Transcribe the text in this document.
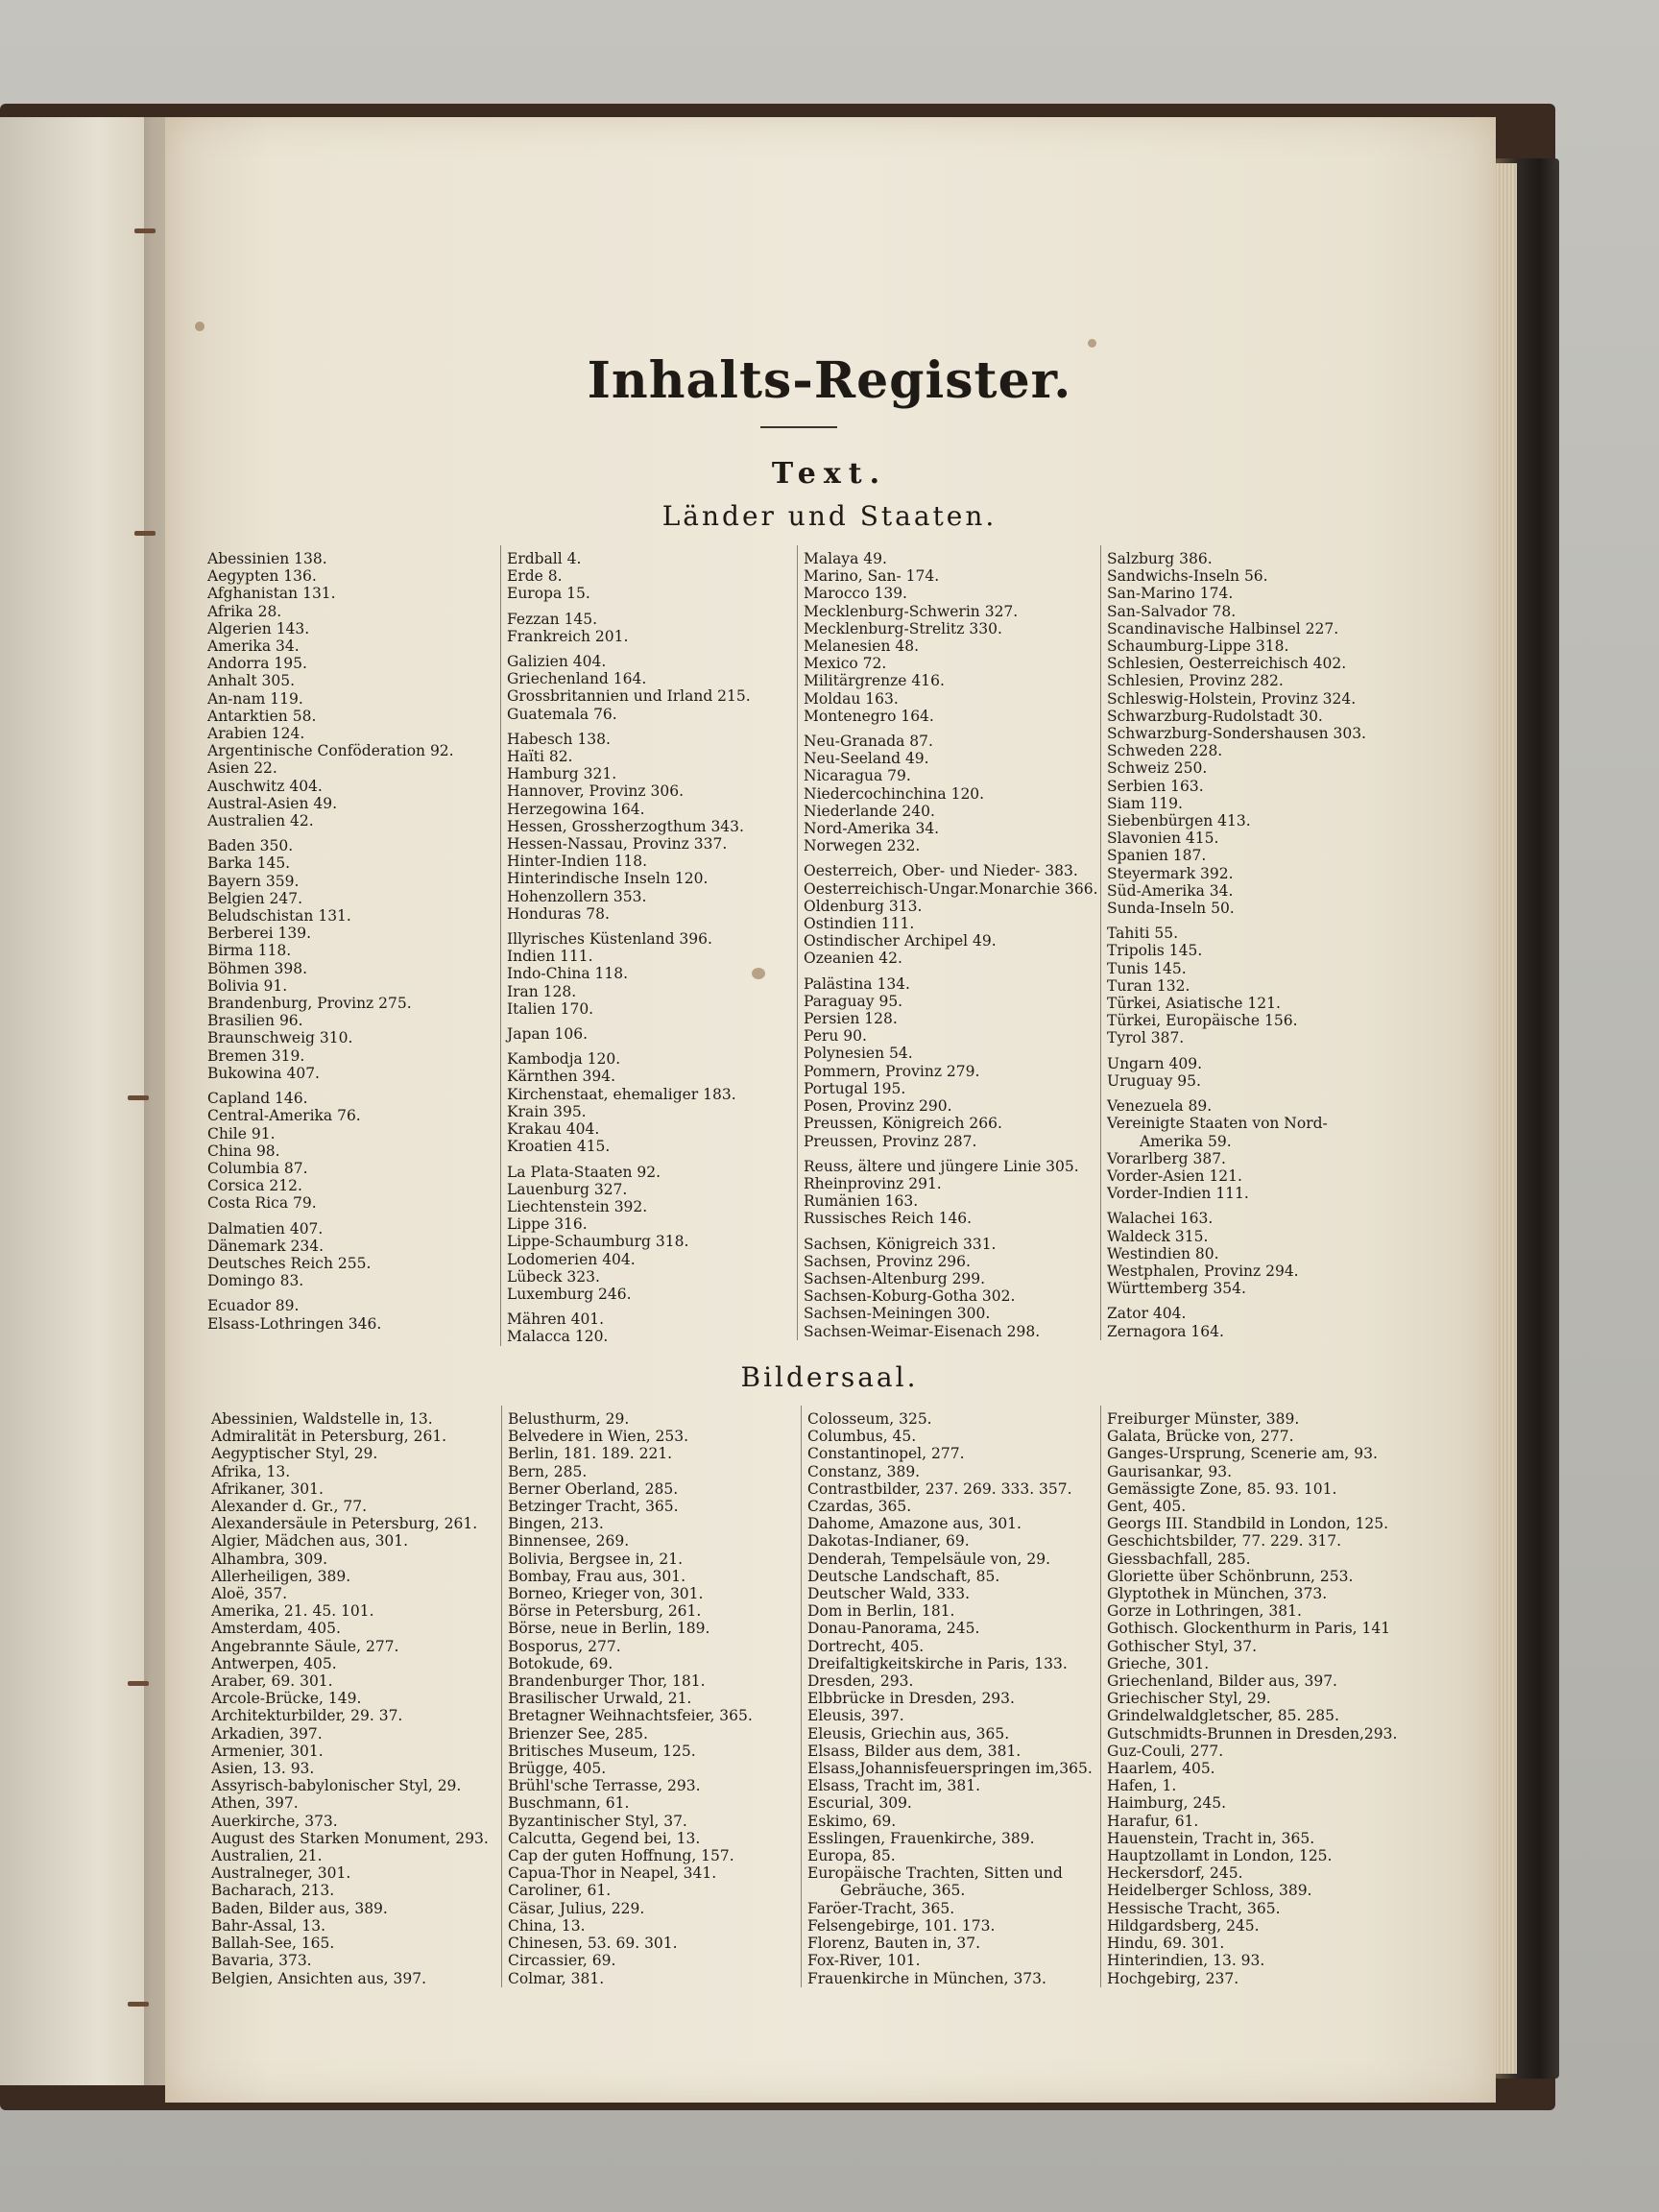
Inhalts-Register.
Text.
Länder und Staaten.
Abessinien 138.
Aegypten 136.
Afghanistan 131.
Afrika 28.
Algerien 143.
Amerika 34.
Andorra 195.
Anhalt 305.
An-nam 119.
Antarktien 58.
Arabien 124.
Argentinische Conföderation 92.
Asien 22.
Auschwitz 404.
Austral-Asien 49.
Australien 42.
Baden 350.
Barka 145.
Bayern 359.
Belgien 247.
Beludschistan 131.
Berberei 139.
Birma 118.
Böhmen 398.
Bolivia 91.
Brandenburg, Provinz 275.
Brasilien 96.
Braunschweig 310.
Bremen 319.
Bukowina 407.
Capland 146.
Central-Amerika 76.
Chile 91.
China 98.
Columbia 87.
Corsica 212.
Costa Rica 79.
Dalmatien 407.
Dänemark 234.
Deutsches Reich 255.
Domingo 83.
Ecuador 89.
Elsass-Lothringen 346.
Erdball 4.
Erde 8.
Europa 15.
Fezzan 145.
Frankreich 201.
Galizien 404.
Griechenland 164.
Grossbritannien und Irland 215.
Guatemala 76.
Habesch 138.
Haïti 82.
Hamburg 321.
Hannover, Provinz 306.
Herzegowina 164.
Hessen, Grossherzogthum 343.
Hessen-Nassau, Provinz 337.
Hinter-Indien 118.
Hinterindische Inseln 120.
Hohenzollern 353.
Honduras 78.
Illyrisches Küstenland 396.
Indien 111.
Indo-China 118.
Iran 128.
Italien 170.
Japan 106.
Kambodja 120.
Kärnthen 394.
Kirchenstaat, ehemaliger 183.
Krain 395.
Krakau 404.
Kroatien 415.
La Plata-Staaten 92.
Lauenburg 327.
Liechtenstein 392.
Lippe 316.
Lippe-Schaumburg 318.
Lodomerien 404.
Lübeck 323.
Luxemburg 246.
Mähren 401.
Malacca 120.
Malaya 49.
Marino, San- 174.
Marocco 139.
Mecklenburg-Schwerin 327.
Mecklenburg-Strelitz 330.
Melanesien 48.
Mexico 72.
Militärgrenze 416.
Moldau 163.
Montenegro 164.
Neu-Granada 87.
Neu-Seeland 49.
Nicaragua 79.
Niedercochinchina 120.
Niederlande 240.
Nord-Amerika 34.
Norwegen 232.
Oesterreich, Ober- und Nieder- 383.
Oesterreichisch-Ungar.Monarchie 366.
Oldenburg 313.
Ostindien 111.
Ostindischer Archipel 49.
Ozeanien 42.
Palästina 134.
Paraguay 95.
Persien 128.
Peru 90.
Polynesien 54.
Pommern, Provinz 279.
Portugal 195.
Posen, Provinz 290.
Preussen, Königreich 266.
Preussen, Provinz 287.
Reuss, ältere und jüngere Linie 305.
Rheinprovinz 291.
Rumänien 163.
Russisches Reich 146.
Sachsen, Königreich 331.
Sachsen, Provinz 296.
Sachsen-Altenburg 299.
Sachsen-Koburg-Gotha 302.
Sachsen-Meiningen 300.
Sachsen-Weimar-Eisenach 298.
Salzburg 386.
Sandwichs-Inseln 56.
San-Marino 174.
San-Salvador 78.
Scandinavische Halbinsel 227.
Schaumburg-Lippe 318.
Schlesien, Oesterreichisch 402.
Schlesien, Provinz 282.
Schleswig-Holstein, Provinz 324.
Schwarzburg-Rudolstadt 30.
Schwarzburg-Sondershausen 303.
Schweden 228.
Schweiz 250.
Serbien 163.
Siam 119.
Siebenbürgen 413.
Slavonien 415.
Spanien 187.
Steyermark 392.
Süd-Amerika 34.
Sunda-Inseln 50.
Tahiti 55.
Tripolis 145.
Tunis 145.
Turan 132.
Türkei, Asiatische 121.
Türkei, Europäische 156.
Tyrol 387.
Ungarn 409.
Uruguay 95.
Venezuela 89.
Vereinigte Staaten von Nord-
Amerika 59.
Vorarlberg 387.
Vorder-Asien 121.
Vorder-Indien 111.
Walachei 163.
Waldeck 315.
Westindien 80.
Westphalen, Provinz 294.
Württemberg 354.
Zator 404.
Zernagora 164.
Bildersaal.
Abessinien, Waldstelle in, 13.
Admiralität in Petersburg, 261.
Aegyptischer Styl, 29.
Afrika, 13.
Afrikaner, 301.
Alexander d. Gr., 77.
Alexandersäule in Petersburg, 261.
Algier, Mädchen aus, 301.
Alhambra, 309.
Allerheiligen, 389.
Aloë, 357.
Amerika, 21. 45. 101.
Amsterdam, 405.
Angebrannte Säule, 277.
Antwerpen, 405.
Araber, 69. 301.
Arcole-Brücke, 149.
Architekturbilder, 29. 37.
Arkadien, 397.
Armenier, 301.
Asien, 13. 93.
Assyrisch-babylonischer Styl, 29.
Athen, 397.
Auerkirche, 373.
August des Starken Monument, 293.
Australien, 21.
Australneger, 301.
Bacharach, 213.
Baden, Bilder aus, 389.
Bahr-Assal, 13.
Ballah-See, 165.
Bavaria, 373.
Belgien, Ansichten aus, 397.
Belusthurm, 29.
Belvedere in Wien, 253.
Berlin, 181. 189. 221.
Bern, 285.
Berner Oberland, 285.
Betzinger Tracht, 365.
Bingen, 213.
Binnensee, 269.
Bolivia, Bergsee in, 21.
Bombay, Frau aus, 301.
Borneo, Krieger von, 301.
Börse in Petersburg, 261.
Börse, neue in Berlin, 189.
Bosporus, 277.
Botokude, 69.
Brandenburger Thor, 181.
Brasilischer Urwald, 21.
Bretagner Weihnachtsfeier, 365.
Brienzer See, 285.
Britisches Museum, 125.
Brügge, 405.
Brühl'sche Terrasse, 293.
Buschmann, 61.
Byzantinischer Styl, 37.
Calcutta, Gegend bei, 13.
Cap der guten Hoffnung, 157.
Capua-Thor in Neapel, 341.
Caroliner, 61.
Cäsar, Julius, 229.
China, 13.
Chinesen, 53. 69. 301.
Circassier, 69.
Colmar, 381.
Colosseum, 325.
Columbus, 45.
Constantinopel, 277.
Constanz, 389.
Contrastbilder, 237. 269. 333. 357.
Czardas, 365.
Dahome, Amazone aus, 301.
Dakotas-Indianer, 69.
Denderah, Tempelsäule von, 29.
Deutsche Landschaft, 85.
Deutscher Wald, 333.
Dom in Berlin, 181.
Donau-Panorama, 245.
Dortrecht, 405.
Dreifaltigkeitskirche in Paris, 133.
Dresden, 293.
Elbbrücke in Dresden, 293.
Eleusis, 397.
Eleusis, Griechin aus, 365.
Elsass, Bilder aus dem, 381.
Elsass,Johannisfeuerspringen im,365.
Elsass, Tracht im, 381.
Escurial, 309.
Eskimo, 69.
Esslingen, Frauenkirche, 389.
Europa, 85.
Europäische Trachten, Sitten und
Gebräuche, 365.
Faröer-Tracht, 365.
Felsengebirge, 101. 173.
Florenz, Bauten in, 37.
Fox-River, 101.
Frauenkirche in München, 373.
Freiburger Münster, 389.
Galata, Brücke von, 277.
Ganges-Ursprung, Scenerie am, 93.
Gaurisankar, 93.
Gemässigte Zone, 85. 93. 101.
Gent, 405.
Georgs III. Standbild in London, 125.
Geschichtsbilder, 77. 229. 317.
Giessbachfall, 285.
Gloriette über Schönbrunn, 253.
Glyptothek in München, 373.
Gorze in Lothringen, 381.
Gothisch. Glockenthurm in Paris, 141
Gothischer Styl, 37.
Grieche, 301.
Griechenland, Bilder aus, 397.
Griechischer Styl, 29.
Grindelwaldgletscher, 85. 285.
Gutschmidts-Brunnen in Dresden,293.
Guz-Couli, 277.
Haarlem, 405.
Hafen, 1.
Haimburg, 245.
Harafur, 61.
Hauenstein, Tracht in, 365.
Hauptzollamt in London, 125.
Heckersdorf, 245.
Heidelberger Schloss, 389.
Hessische Tracht, 365.
Hildgardsberg, 245.
Hindu, 69. 301.
Hinterindien, 13. 93.
Hochgebirg, 237.
